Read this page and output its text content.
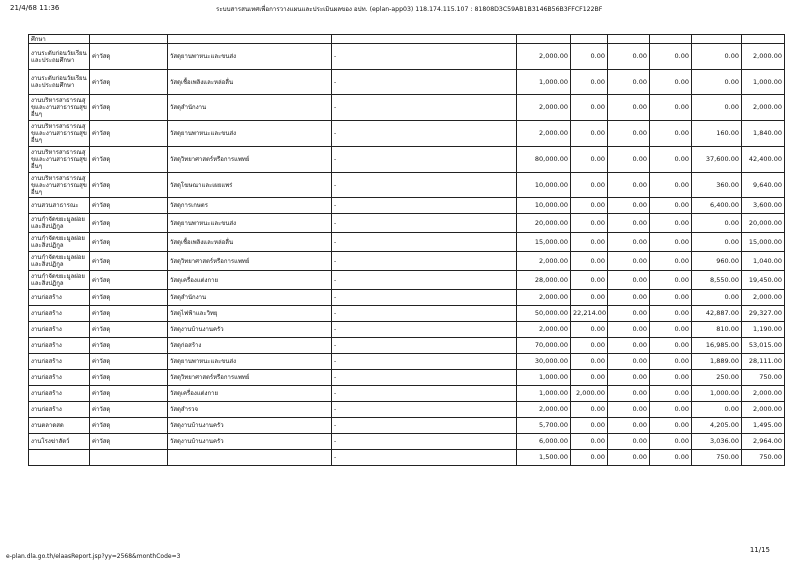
21/4/68 11:36	ระบบสารสนเทศเพื่อการวางแผนและประเมินผลของ อปท. (eplan-app03) 118.174.115.107 : 81808D3C59AB1B3146B56B3FFCF122BF
ศึกษา									
งานระดับก่อนวัยเรียนและประถมศึกษา	ค่าวัสดุ	วัสดุยานพาหนะและขนส่ง	-	2,000.00	0.00	0.00	0.00	0.00	2,000.00
งานระดับก่อนวัยเรียนและประถมศึกษา	ค่าวัสดุ	วัสดุเชื้อเพลิงและหล่อลื่น	-	1,000.00	0.00	0.00	0.00	0.00	1,000.00
งานบริหารสาธารณสุขและงานสาธารณสุขอื่นๆ	ค่าวัสดุ	วัสดุสำนักงาน	-	2,000.00	0.00	0.00	0.00	0.00	2,000.00
งานบริหารสาธารณสุขและงานสาธารณสุขอื่นๆ	ค่าวัสดุ	วัสดุยานพาหนะและขนส่ง	-	2,000.00	0.00	0.00	0.00	160.00	1,840.00
งานบริหารสาธารณสุขและงานสาธารณสุขอื่นๆ	ค่าวัสดุ	วัสดุวิทยาศาสตร์หรือการแพทย์	-	80,000.00	0.00	0.00	0.00	37,600.00	42,400.00
งานบริหารสาธารณสุขและงานสาธารณสุขอื่นๆ	ค่าวัสดุ	วัสดุโฆษณาและเผยแพร่	-	10,000.00	0.00	0.00	0.00	360.00	9,640.00
งานสวนสาธารณะ	ค่าวัสดุ	วัสดุการเกษตร	-	10,000.00	0.00	0.00	0.00	6,400.00	3,600.00
งานกำจัดขยะมูลฝอยและสิ่งปฏิกูล	ค่าวัสดุ	วัสดุยานพาหนะและขนส่ง	-	20,000.00	0.00	0.00	0.00	0.00	20,000.00
งานกำจัดขยะมูลฝอยและสิ่งปฏิกูล	ค่าวัสดุ	วัสดุเชื้อเพลิงและหล่อลื่น	-	15,000.00	0.00	0.00	0.00	0.00	15,000.00
งานกำจัดขยะมูลฝอยและสิ่งปฏิกูล	ค่าวัสดุ	วัสดุวิทยาศาสตร์หรือการแพทย์	-	2,000.00	0.00	0.00	0.00	960.00	1,040.00
งานกำจัดขยะมูลฝอยและสิ่งปฏิกูล	ค่าวัสดุ	วัสดุเครื่องแต่งกาย	-	28,000.00	0.00	0.00	0.00	8,550.00	19,450.00
งานก่อสร้าง	ค่าวัสดุ	วัสดุสำนักงาน	-	2,000.00	0.00	0.00	0.00	0.00	2,000.00
งานก่อสร้าง	ค่าวัสดุ	วัสดุไฟฟ้าและวิทยุ	-	50,000.00	22,214.00	0.00	0.00	42,887.00	29,327.00
งานก่อสร้าง	ค่าวัสดุ	วัสดุงานบ้านงานครัว	-	2,000.00	0.00	0.00	0.00	810.00	1,190.00
งานก่อสร้าง	ค่าวัสดุ	วัสดุก่อสร้าง	-	70,000.00	0.00	0.00	0.00	16,985.00	53,015.00
งานก่อสร้าง	ค่าวัสดุ	วัสดุยานพาหนะและขนส่ง	-	30,000.00	0.00	0.00	0.00	1,889.00	28,111.00
งานก่อสร้าง	ค่าวัสดุ	วัสดุวิทยาศาสตร์หรือการแพทย์	-	1,000.00	0.00	0.00	0.00	250.00	750.00
งานก่อสร้าง	ค่าวัสดุ	วัสดุเครื่องแต่งกาย	-	1,000.00	2,000.00	0.00	0.00	1,000.00	2,000.00
งานก่อสร้าง	ค่าวัสดุ	วัสดุสำรวจ	-	2,000.00	0.00	0.00	0.00	0.00	2,000.00
งานตลาดสด	ค่าวัสดุ	วัสดุงานบ้านงานครัว	-	5,700.00	0.00	0.00	0.00	4,205.00	1,495.00
งานโรงฆ่าสัตว์	ค่าวัสดุ	วัสดุงานบ้านงานครัว	-	6,000.00	0.00	0.00	0.00	3,036.00	2,964.00
			-	1,500.00	0.00	0.00	0.00	750.00	750.00
e-plan.dla.go.th/elaasReport.jsp?yy=2568&monthCode=3
11/15
